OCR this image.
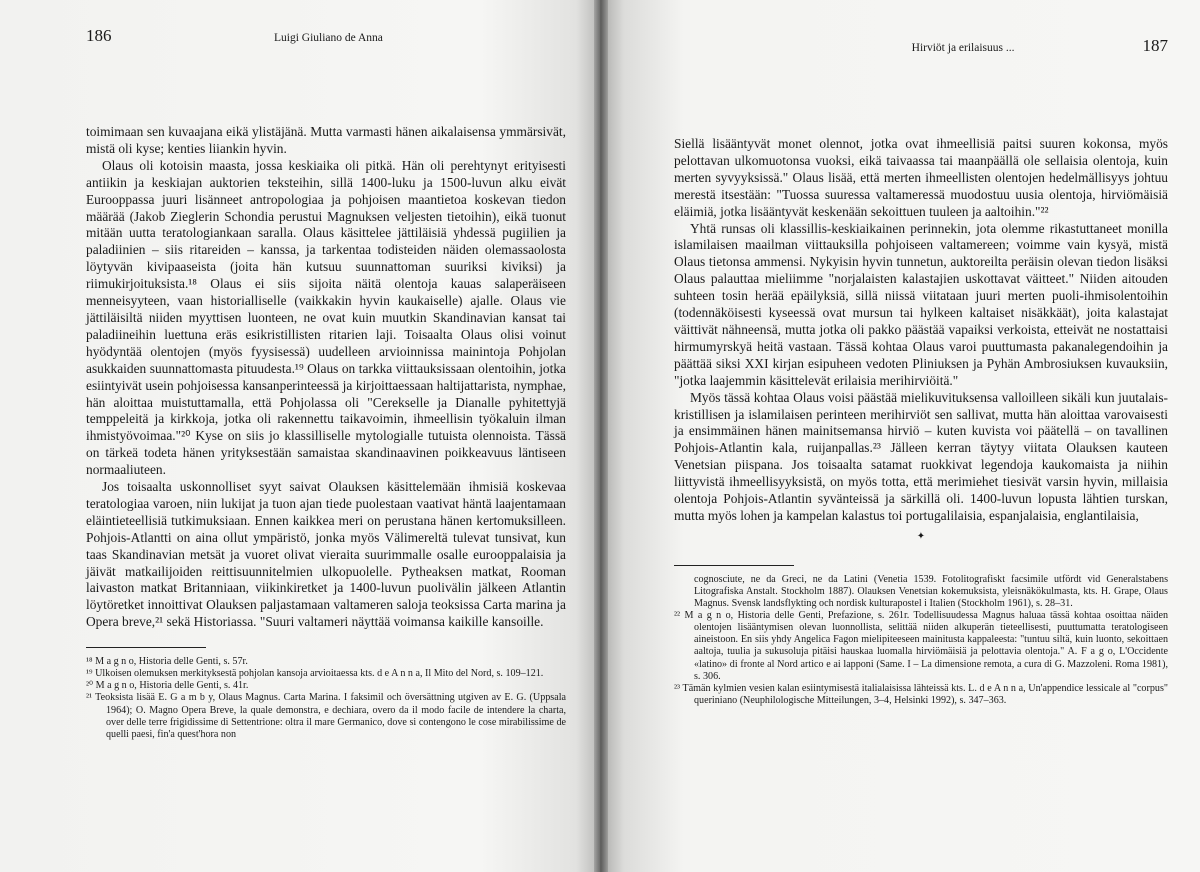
186	Luigi Giuliano de Anna

toimimaan sen kuvaajana eikä ylistäjänä. Mutta varmasti hänen aikalaisensa ymmärsivät, mistä oli kyse; kenties liiankin hyvin.

Olaus oli kotoisin maasta, jossa keskiaika oli pitkä. Hän oli perehtynyt erityisesti antiikin ja keskiajan auktorien teksteihin, sillä 1400-luku ja 1500-luvun alku eivät Eurooppassa juuri lisänneet antropologiaa ja pohjoisen maantietoa koskevan tiedon määrää (Jakob Zieglerin Schondia perustui Magnuksen veljesten tietoihin), eikä tuonut mitään uutta teratologiankaan saralla. Olaus käsittelee jättiläisiä yhdessä pugiilien ja paladiinien – siis ritareiden – kanssa, ja tarkentaa todisteiden näiden olemassaolosta löytyvän kivipaaseista (joita hän kutsuu suunnattoman suuriksi kiviksi) ja riimukirjoituksista.¹⁸ Olaus ei siis sijoita näitä olentoja kauas salaperäiseen menneisyyteen, vaan historialliselle (vaikkakin hyvin kaukaiselle) ajalle. Olaus vie jättiläisiltä niiden myyttisen luonteen, ne ovat kuin muutkin Skandinavian kansat tai paladiineihin luettuna eräs esikristillisten ritarien laji. Toisaalta Olaus olisi voinut hyödyntää olentojen (myös fyysisessä) uudelleen arvioinnissa mainintoja Pohjolan asukkaiden suunnattomasta pituudesta.¹⁹ Olaus on tarkka viittauksissaan olentoihin, jotka esiintyivät usein pohjoisessa kansanperinteessä ja kirjoittaessaan haltijattarista, nymphae, hän aloittaa muistuttamalla, että Pohjolassa oli "Cerekselle ja Dianalle pyhitettyjä temppeleitä ja kirkkoja, jotka oli rakennettu taikavoimin, ihmeellisin työkaluin ilman ihmistyövoimaa."²⁰ Kyse on siis jo klassilliselle mytologialle tutuista olennoista. Tässä on tärkeä todeta hänen yrityksestään samaistaa skandinaavinen poikkeavuus läntiseen normaaliuteen.

Jos toisaalta uskonnolliset syyt saivat Olauksen käsittelemään ihmisiä koskevaa teratologiaa varoen, niin lukijat ja tuon ajan tiede puolestaan vaativat häntä laajentamaan eläintieteellisiä tutkimuksiaan. Ennen kaikkea meri on perustana hänen kertomuksilleen. Pohjois-Atlantti on aina ollut ympäristö, jonka myös Välimereltä tulevat tunsivat, kun taas Skandinavian metsät ja vuoret olivat vieraita suurimmalle osalle eurooppalaisia ja jäivät matkailijoiden reittisuunnitelmien ulkopuolelle. Pytheaksen matkat, Rooman laivaston matkat Britanniaan, viikinkiretket ja 1400-luvun puolivälin jälkeen Atlantin löytöretket innoittivat Olauksen paljastamaan valtameren saloja teoksissa Carta marina ja Opera breve,²¹ sekä Historiassa. "Suuri valtameri näyttää voimansa kaikille kansoille.

¹⁸ M a g n o, Historia delle Genti, s. 57r.

¹⁹ Ulkoisen olemuksen merkityksestä pohjolan kansoja arvioitaessa kts. d e A n n a, Il Mito del Nord, s. 109–121.

²⁰ M a g n o, Historia delle Genti, s. 41r.

²¹ Teoksista lisää E. G a m b y, Olaus Magnus. Carta Marina. I faksimil och översättning utgiven av E. G. (Uppsala 1964); O. Magno Opera Breve, la quale demonstra, e dechiara, overo da il modo facile de intendere la charta, over delle terre frigidissime di Settentrione: oltra il mare Germanico, dove si contengono le cose mirabilissime de quelli paesi, fin'a quest'hora non

Hirviöt ja erilaisuus ...	187

Siellä lisääntyvät monet olennot, jotka ovat ihmeellisiä paitsi suuren kokonsa, myös pelottavan ulkomuotonsa vuoksi, eikä taivaassa tai maanpäällä ole sellaisia olentoja, kuin merten syvyyksissä." Olaus lisää, että merten ihmeellisten olentojen hedelmällisyys johtuu merestä itsestään: "Tuossa suuressa valtameressä muodostuu uusia olentoja, hirviömäisiä eläimiä, jotka lisääntyvät keskenään sekoittuen tuuleen ja aaltoihin."²²

Yhtä runsas oli klassillis-keskiaikainen perinnekin, jota olemme rikastuttaneet monilla islamilaisen maailman viittauksilla pohjoiseen valtamereen; voimme vain kysyä, mistä Olaus tietonsa ammensi. Nykyisin hyvin tunnetun, auktoreilta peräisin olevan tiedon lisäksi Olaus palauttaa mieliimme "norjalaisten kalastajien uskottavat väitteet." Niiden aitouden suhteen tosin herää epäilyksiä, sillä niissä viitataan juuri merten puoli-ihmisolentoihin (todennäköisesti kyseessä ovat mursun tai hylkeen kaltaiset nisäkkäät), joita kalastajat väittivät nähneensä, mutta jotka oli pakko päästää vapaiksi verkoista, etteivät ne nostattaisi hirmumyrskyä heitä vastaan. Tässä kohtaa Olaus varoi puuttumasta pakanalegendoihin ja päättää siksi XXI kirjan esipuheen vedoten Pliniuksen ja Pyhän Ambrosiuksen kuvauksiin, "jotka laajemmin käsittelevät erilaisia merihirviöitä."

Myös tässä kohtaa Olaus voisi päästää mielikuvituksensa valloilleen sikäli kun juutalais-kristillisen ja islamilaisen perinteen merihirviöt sen sallivat, mutta hän aloittaa varovaisesti ja ensimmäinen hänen mainitsemansa hirviö – kuten kuvista voi päätellä – on tavallinen Pohjois-Atlantin kala, ruijanpallas.²³ Jälleen kerran täytyy viitata Olauksen kauteen Venetsian piispana. Jos toisaalta satamat ruokkivat legendoja kaukomaista ja niihin liittyvistä ihmeellisyyksistä, on myös totta, että merimiehet tiesivät varsin hyvin, millaisia olentoja Pohjois-Atlantin syvänteissä ja särkillä oli. 1400-luvun lopusta lähtien turskan, mutta myös lohen ja kampelan kalastus toi portugalilaisia, espanjalaisia, englantilaisia,

✦

cognosciute, ne da Greci, ne da Latini (Venetia 1539. Fotolitografiskt facsimile utfördt vid Generalstabens Litografiska Anstalt. Stockholm 1887). Olauksen Venetsian kokemuksista, yleisnäkökulmasta, kts. H. Grape, Olaus Magnus. Svensk landsflykting och nordisk kulturapostel i Italien (Stockholm 1961), s. 28–31.

²² M a g n o, Historia delle Genti, Prefazione, s. 261r. Todellisuudessa Magnus haluaa tässä kohtaa osoittaa näiden olentojen lisääntymisen olevan luonnollista, selittää niiden alkuperän tieteellisesti, puuttumatta teratologiseen aineistoon. En siis yhdy Angelica Fagon mielipiteeseen mainitusta kappaleesta: "tuntuu siltä, kuin luonto, sekoittaen aaltoja, tuulia ja sukusoluja pitäisi hauskaa luomalla hirviömäisiä ja pelottavia olentoja." A. F a g o, L'Occidente «latino» di fronte al Nord artico e ai lapponi (Same. I – La dimensione remota, a cura di G. Mazzoleni. Roma 1981), s. 306.

²³ Tämän kylmien vesien kalan esiintymisestä italialaisissa lähteissä kts. L. d e A n n a, Un'appendice lessicale al "corpus" queriniano (Neuphilologische Mitteilungen, 3–4, Helsinki 1992), s. 347–363.
